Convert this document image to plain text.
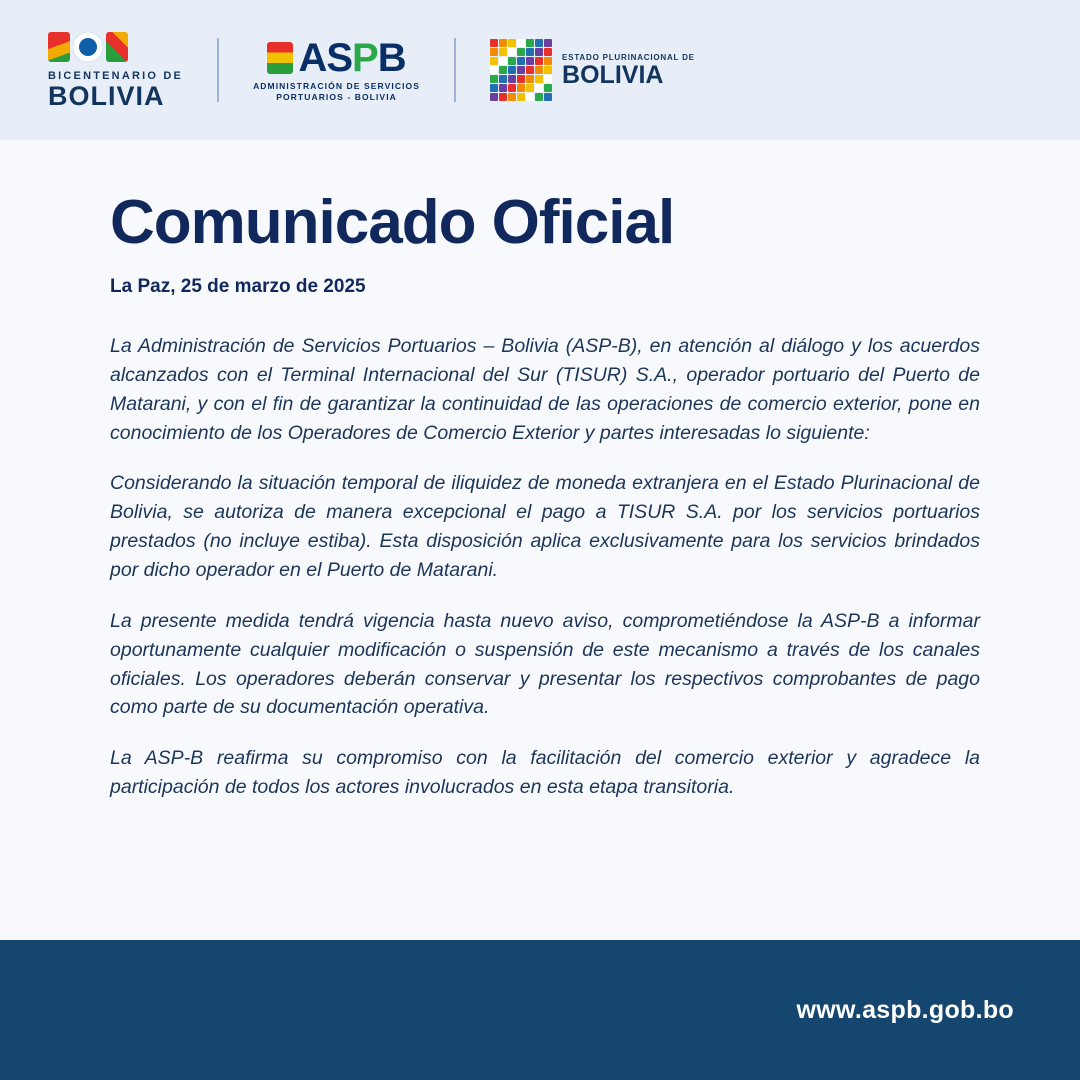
BICENTENARIO DE
BOLIVIA
ASPB
ADMINISTRACIÓN DE SERVICIOS
PORTUARIOS - BOLIVIA
ESTADO PLURINACIONAL DE
BOLIVIA
Comunicado Oficial
La Paz, 25 de marzo de 2025

La Administración de Servicios Portuarios – Bolivia (ASP-B), en atención al diálogo y los acuerdos alcanzados con el Terminal Internacional del Sur (TISUR) S.A., operador portuario del Puerto de Matarani, y con el fin de garantizar la continuidad de las operaciones de comercio exterior, pone en conocimiento de los Operadores de Comercio Exterior y partes interesadas lo siguiente:

Considerando la situación temporal de iliquidez de moneda extranjera en el Estado Plurinacional de Bolivia, se autoriza de manera excepcional el pago a TISUR S.A. por los servicios portuarios prestados (no incluye estiba). Esta disposición aplica exclusivamente para los servicios brindados por dicho operador en el Puerto de Matarani.

La presente medida tendrá vigencia hasta nuevo aviso, comprometiéndose la ASP-B a informar oportunamente cualquier modificación o suspensión de este mecanismo a través de los canales oficiales. Los operadores deberán conservar y presentar los respectivos comprobantes de pago como parte de su documentación operativa.

La ASP-B reafirma su compromiso con la facilitación del comercio exterior y agradece la participación de todos los actores involucrados en esta etapa transitoria.

www.aspb.gob.bo
